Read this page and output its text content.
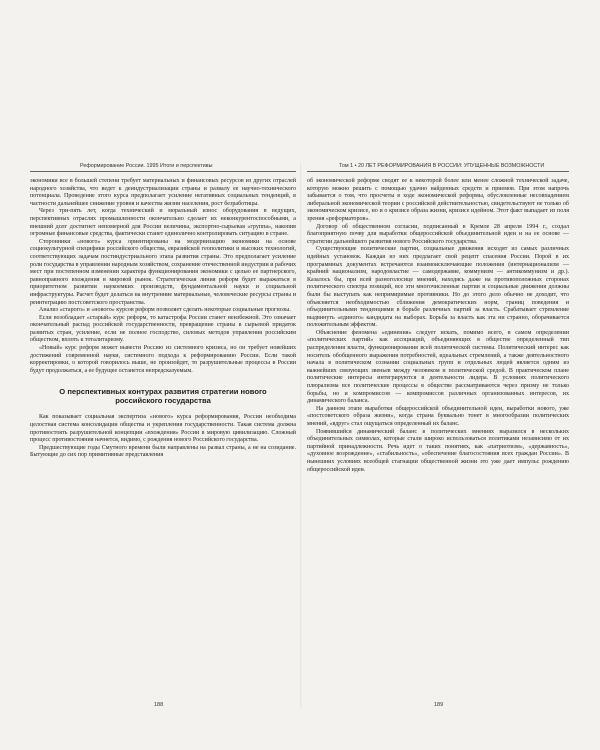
Реформирование России. 1995 Итоги и перспективы

экономики все в большей степени требует материальных и финансовых ресурсов из других отраслей народного хозяйства, что ведет к деиндустриализации страны и развалу ее научно-технического потенциала. Проведение этого курса предполагает усиление негативных социальных тенденций, в частности дальнейшее снижение уровня и качества жизни населения, рост безработицы.

Через три-пять лет, когда технический и моральный износ оборудования в ведущих, перспективных отраслях промышленности окончательно сделает их неконкурентоспособными, а внешний долг достигнет непомерной для России величины, экспортно-сырьевая «группа», накопив огромные финансовые средства, фактически станет единолично контролировать ситуацию в стране.

Сторонники «нового» курса ориентированы на модернизацию экономики на основе социокультурной специфики российского общества, евразийской геополитики и высоких технологий, соответствующих задачам постиндустриального этапа развития страны. Это предполагает усиление роли государства в управлении народным хозяйством, сохранение отечественной индустрии и рабочих мест при постепенном изменении характера функционирования экономики с целью ее партнерского, равноправного вхождения в мировой рынок. Стратегическая линия реформ будет выражаться в приоритетном развитии наукоемких производств, фундаментальной науки и социальной инфраструктуры. Расчет будет делаться на внутренние материальные, человеческие ресурсы страны и реинтеграцию постсоветского пространства.

Анализ «старого» и «нового» курсов реформ позволяет сделать некоторые социальные прогнозы.

Если возобладает «старый» курс реформ, то катастрофа России станет неизбежной. Это означает окончательный распад российской государственности, превращение страны в сырьевой придаток развитых стран, усиление, если не полное господство, силовых методов управления российским обществом, вплоть к тоталитаризму.

«Новый» курс реформ может вывести Россию из системного кризиса, но он требует новейших достижений современной науки, системного подхода к реформированию России. Если такой корректировки, о которой говорилось выше, не произойдет, то разрушительные процессы в России будут продолжаться, а ее будущее останется непредсказуемым.

О перспективных контурах развития стратегии нового российского государства

Как показывает социальная экспертиза «нового» курса реформирования, России необходима целостная система консолидации общества и укрепления государственности. Такая система должна противостоять разрушительной концепции «вхождения» России в мировую цивилизацию. Сложный процесс противостояния начнется, видимо, с рождения нового Российского государства.

Предшествующие годы Смутного времени были направлены на развал страны, а не на созидание. Бытующие до сих пор примитивные представления

188
Том 1 • 20 ЛЕТ РЕФОРМИРОВАНИЯ В РОССИИ: УПУЩЕННЫЕ ВОЗМОЖНОСТИ

об экономической реформе сводят ее к некоторой более или менее сложной технической задаче, которую можно решить с помощью удачно найденных средств и приемов. При этом напрочь забывается о том, что просчеты в ходе экономической реформы, обусловленные несовпадением либеральной экономической теории с российской действительностью, свидетельствуют не только об экономическом кризисе, но и о кризисе образа жизни, кризисе идейном. Этот факт выпадает из поля зрения «реформаторов».

Договор об общественном согласии, подписанный в Кремле 28 апреля 1994 г., создал благоприятную почву для выработки общероссийской объединительной идеи и на ее основе — стратегии дальнейшего развития нового Российского государства.

Существующие политические партии, социальные движения исходят из самых различных идейных установок. Каждая из них предлагает свой рецепт спасения России. Порой в их программных документах встречаются взаимоисключающие положения (интернационализм — крайний национализм, народовластие — самодержавие, коммунизм — антикоммунизм и др.). Казалось бы, при всей разноголосице мнений, находясь даже на противоположных сторонах политического спектра позиций, все эти многочисленные партии и социальные движения должны были бы выступать как непримиримые противники. Но до этого дело обычно не доходит, что объясняется необходимостью сближения демократических норм, границ поведения и объединительными тенденциями в борьбе различных партий за власть. Срабатывает стремление выдвинуть «единого» кандидата на выборах. Борьба за власть как эта ни странно, оборачивается положительным эффектом.

Объяснение феномена «единения» следует искать, помимо всего, в самом определении «политических партий» как ассоциаций, объединяющих в обществе определенный тип распределения власти, функционирования всей политической системы. Политический интерес как носитель обобщенного выражения потребностей, идеальных стремлений, а также деятельностного начала в политическом сознании социальных групп и отдельных людей является одним из важнейших связующих звеньев между человеком и политической средой. В практическом плане политические интересы интегрируются в деятельности лидера. В условиях политического плюрализма все политические процессы в обществе рассматриваются через призму не только борьбы, но и компромиссов — компромиссов различных организованных интересов, их динамического баланса.

На данном этапе выработки общероссийской объединительной идеи, выработки нового, уже «постсоветского образа жизни», когда страна буквально тонет в многообразии политических мнений, «вдруг» стал ощущаться определенный их баланс.

Появившийся динамический баланс в политических мнениях выразился в нескольких объединительных символах, которые стали широко использоваться политиками независимо от их партийной принадлежности. Речь идет о таких понятиях, как «патриотизм», «державность», «духовное возрождение», «стабильность», «обеспечение благосостояния всех граждан России». В нынешних условиях всеобщей стагнации общественной жизни это уже дает импульс рождению общероссийской идеи.

189
